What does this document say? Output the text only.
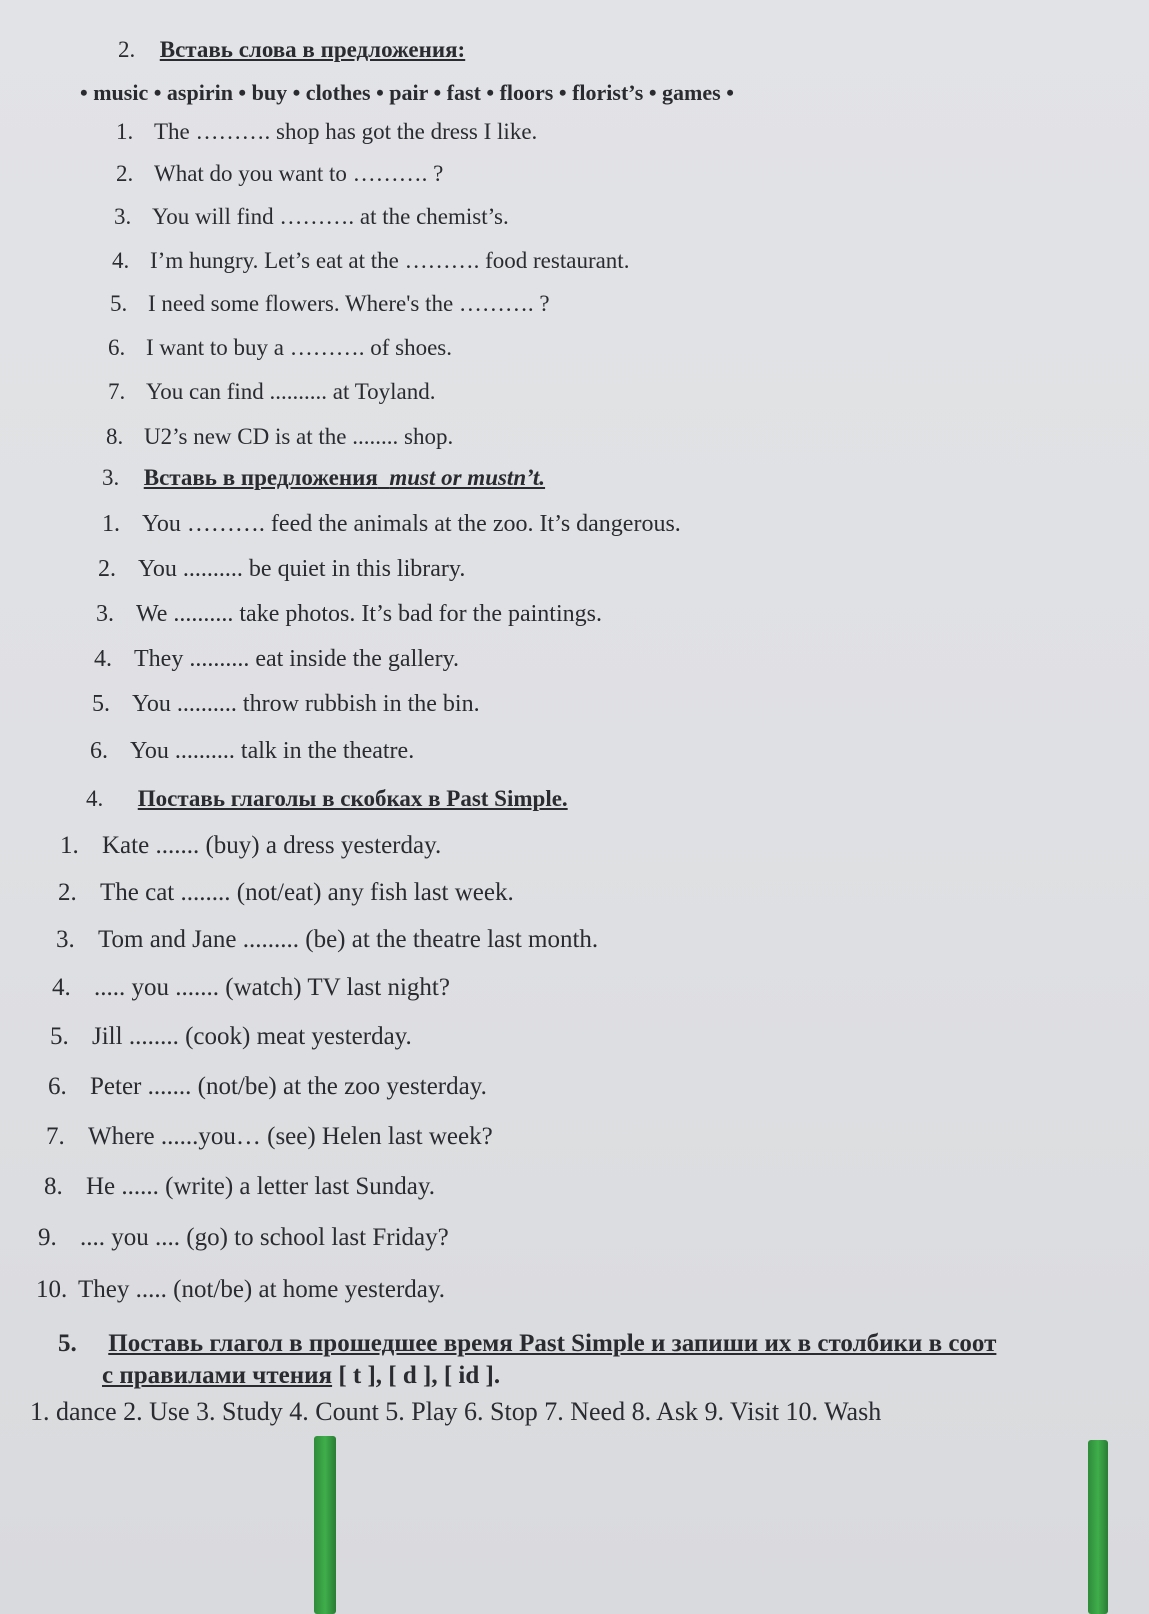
2. Вставь слова в предложения:
• music • aspirin • buy • clothes • pair • fast • floors • florist’s • games •
1. The ………. shop has got the dress I like.
2. What do you want to ………. ?
3. You will find ………. at the chemist’s.
4. I’m hungry. Let’s eat at the ………. food restaurant.
5. I need some flowers. Where's the ………. ?
6. I want to buy a ………. of shoes.
7. You can find .......... at Toyland.
8. U2’s new CD is at the ........ shop.
3. Вставь в предложения must or mustn’t.
1. You ………. feed the animals at the zoo. It’s dangerous.
2. You .......... be quiet in this library.
3. We .......... take photos. It’s bad for the paintings.
4. They .......... eat inside the gallery.
5. You .......... throw rubbish in the bin.
6. You .......... talk in the theatre.
4. Поставь глаголы в скобках в Past Simple.
1. Kate ....... (buy) a dress yesterday.
2. The cat ........ (not/eat) any fish last week.
3. Tom and Jane ......... (be) at the theatre last month.
4. ..... you ....... (watch) TV last night?
5. Jill ........ (cook) meat yesterday.
6. Peter ....... (not/be) at the zoo yesterday.
7. Where ......you… (see) Helen last week?
8. He ...... (write) a letter last Sunday.
9. .... you .... (go) to school last Friday?
10. They ..... (not/be) at home yesterday.
5. Поставь глагол в прошедшее время Past Simple и запиши их в столбики в соот
с правилами чтения [ t ], [ d ], [ id ].
1. dance 2. Use 3. Study 4. Count 5. Play 6. Stop 7. Need 8. Ask 9. Visit 10. Wash
